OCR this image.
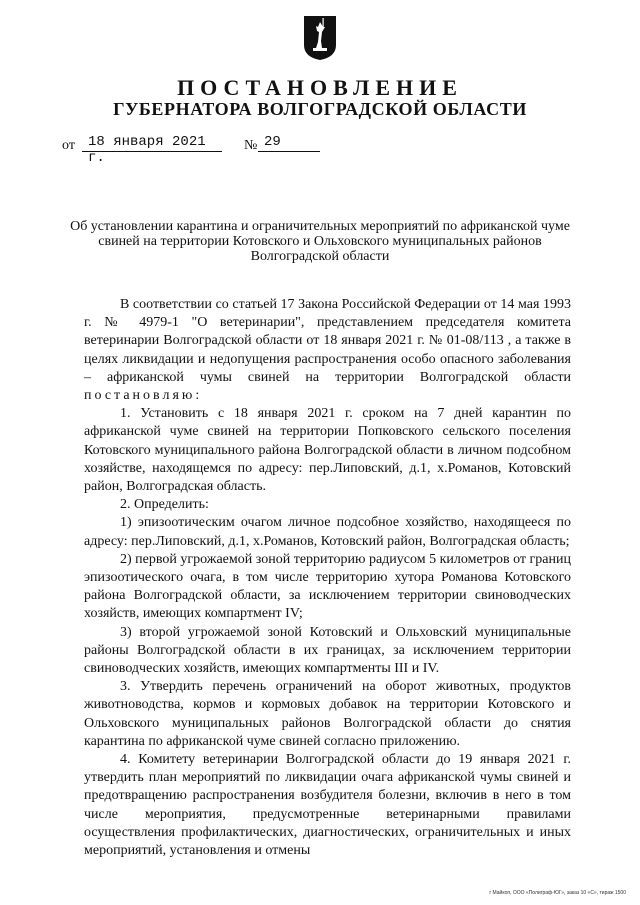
ПОСТАНОВЛЕНИЕ
ГУБЕРНАТОРА ВОЛГОГРАДСКОЙ ОБЛАСТИ
от 18 января 2021 г.
№ 29
Об установлении карантина и ограничительных мероприятий по африканской чуме свиней на территории Котовского и Ольховского муниципальных районов Волгоградской области

В соответствии со статьей 17 Закона Российской Федерации от 14 мая 1993 г. № 4979-1 "О ветеринарии", представлением председателя комитета ветеринарии Волгоградской области от 18 января 2021 г. № 01-08/113 , а также в целях ликвидации и недопущения распространения особо опасного заболевания – африканской чумы свиней на территории Волгоградской области постановляю:

1. Установить с 18 января 2021 г. сроком на 7 дней карантин по африканской чуме свиней на территории Попковского сельского поселения Котовского муниципального района Волгоградской области в личном подсобном хозяйстве, находящемся по адресу: пер.Липовский, д.1, х.Романов, Котовский район, Волгоградская область.

2. Определить:

1) эпизоотическим очагом личное подсобное хозяйство, находящееся по адресу: пер.Липовский, д.1, х.Романов, Котовский район, Волгоградская область;

2) первой угрожаемой зоной территорию радиусом 5 километров от границ эпизоотического очага, в том числе территорию хутора Романова Котовского района Волгоградской области, за исключением территории свиноводческих хозяйств, имеющих компартмент IV;

3) второй угрожаемой зоной Котовский и Ольховский муниципальные районы Волгоградской области в их границах, за исключением территории свиноводческих хозяйств, имеющих компартменты III и IV.

3. Утвердить перечень ограничений на оборот животных, продуктов животноводства, кормов и кормовых добавок на территории Котовского и Ольховского муниципальных районов Волгоградской области до снятия карантина по африканской чуме свиней согласно приложению.

4. Комитету ветеринарии Волгоградской области до 19 января 2021 г. утвердить план мероприятий по ликвидации очага африканской чумы свиней и предотвращению распространения возбудителя болезни, включив в него в том числе мероприятия, предусмотренные ветеринарными правилами осуществления профилактических, диагностических, ограничительных и иных мероприятий, установления и отмены

г Майкоп, ООО «Полиграф-ЮГ», заказ 10 «С», тираж 1500
